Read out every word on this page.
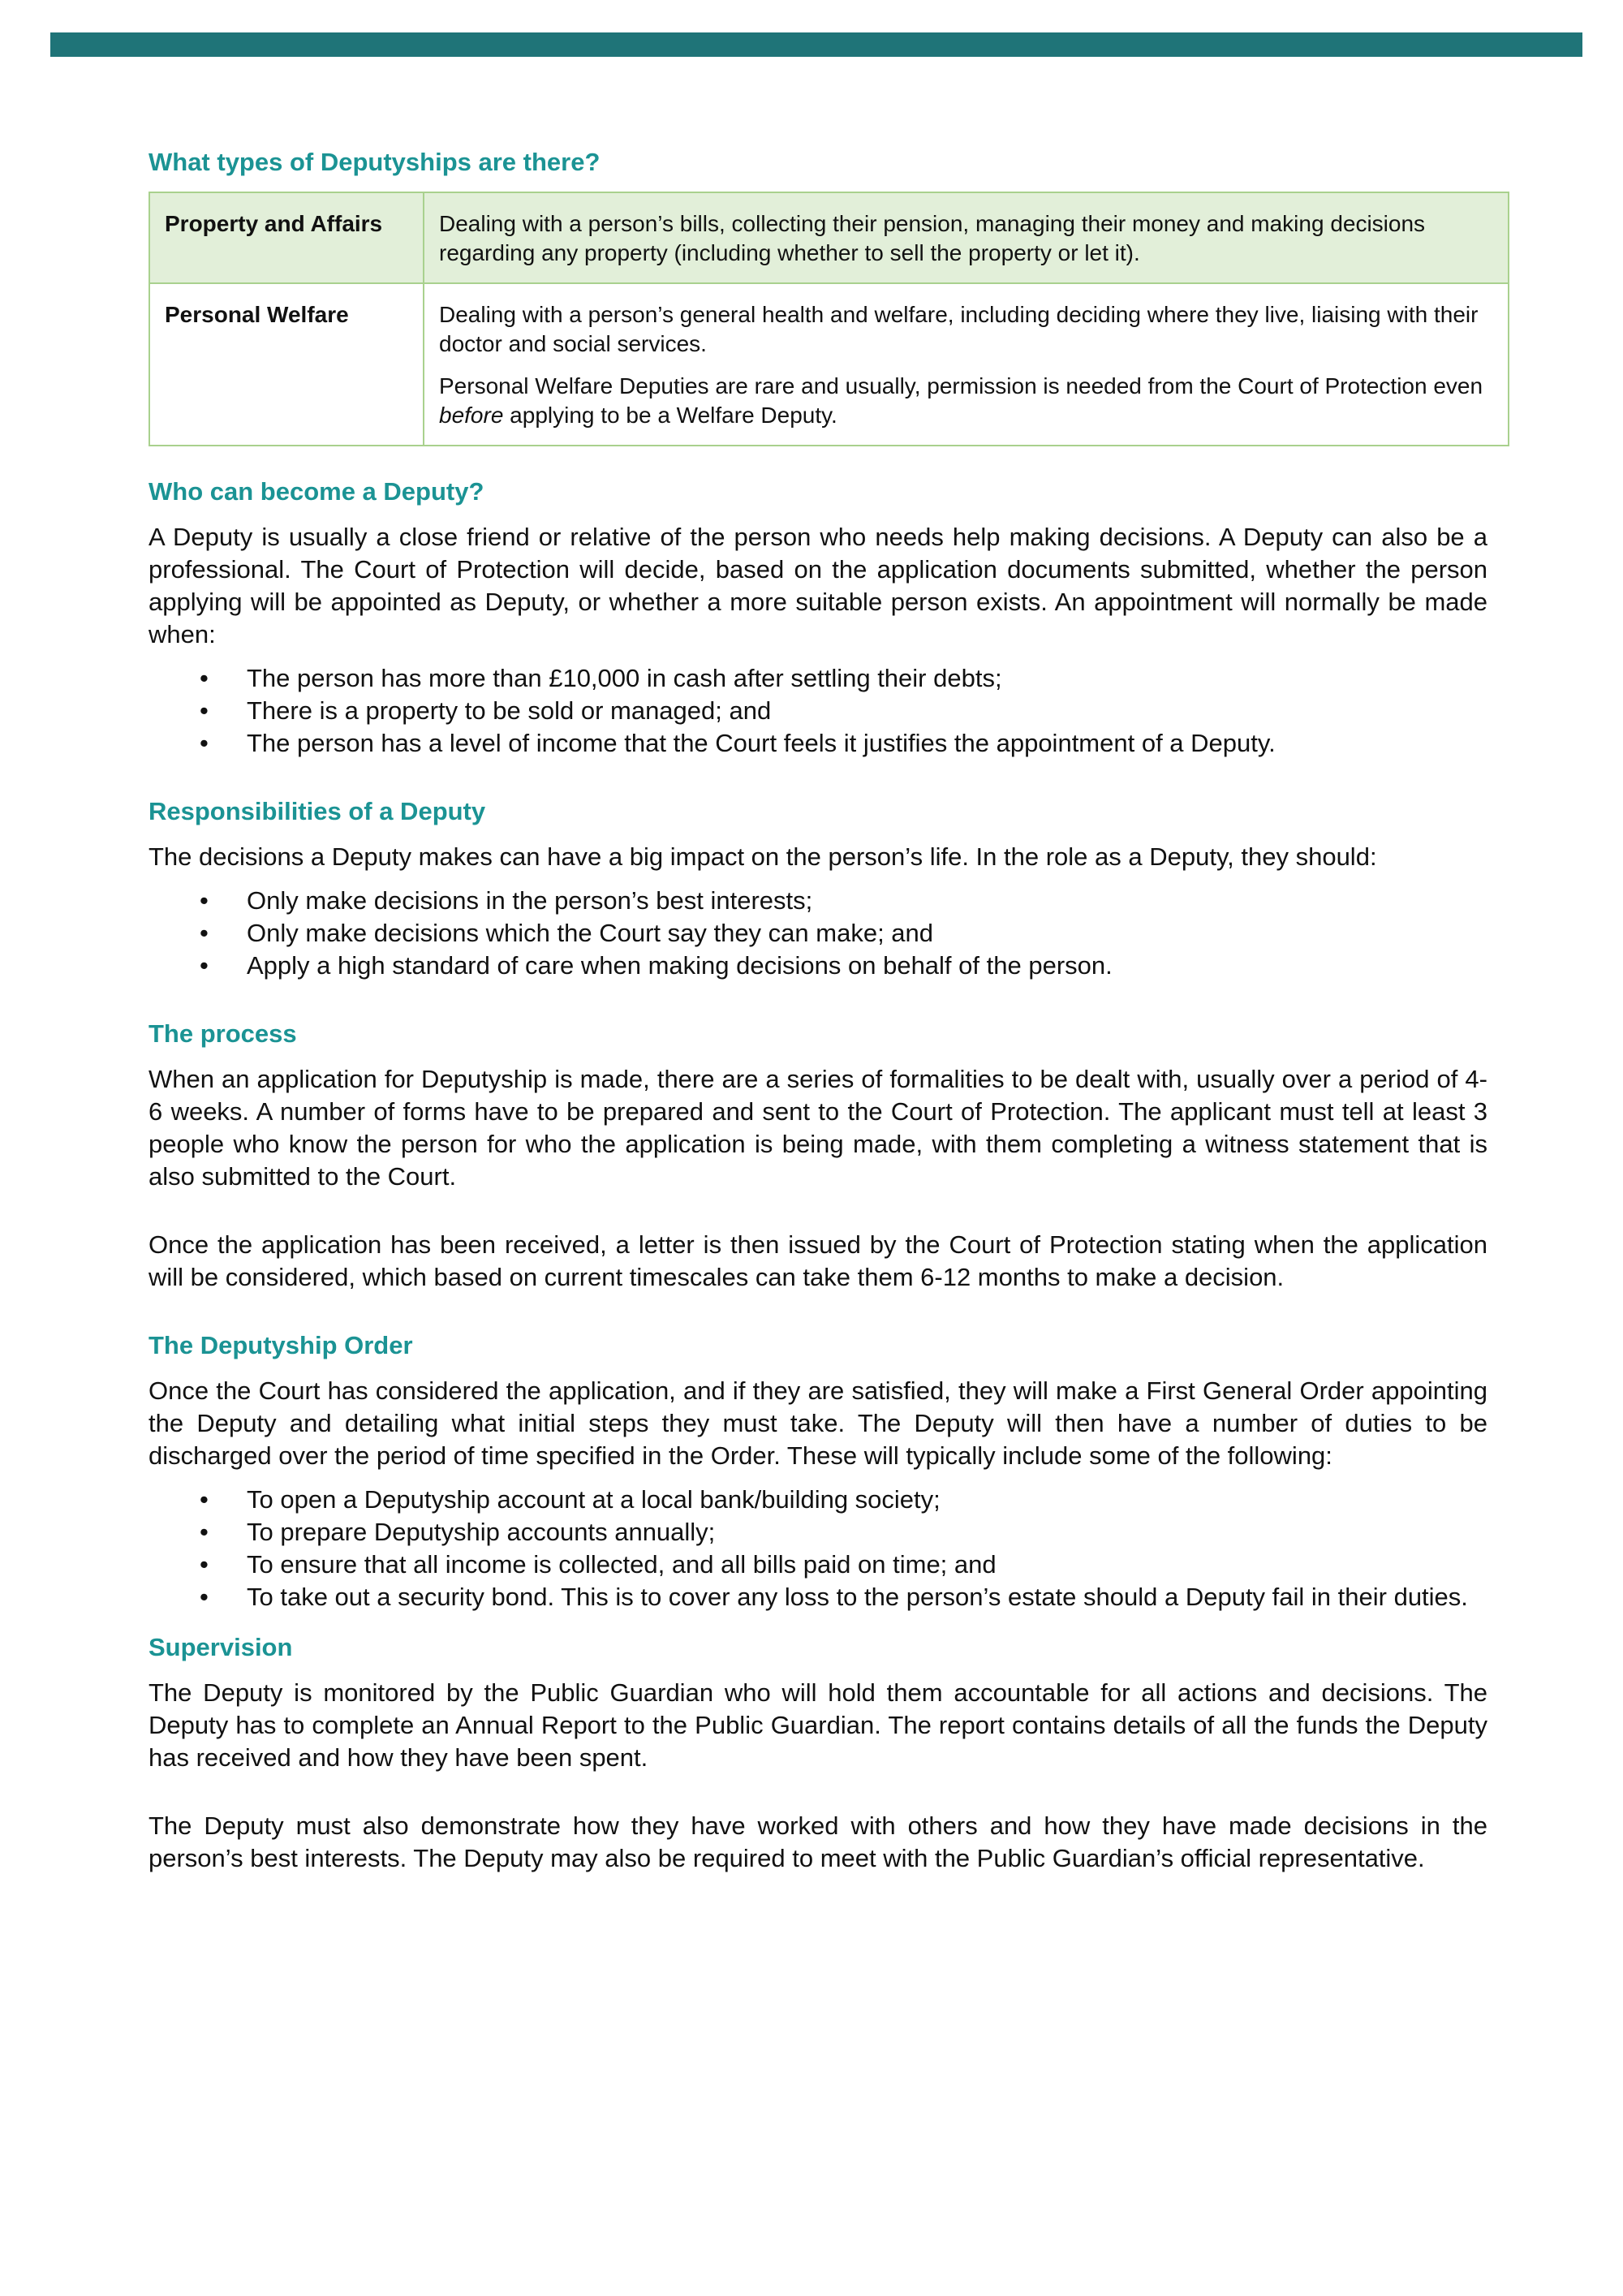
What types of Deputyships are there?
Property and Affairs	Dealing with a person’s bills, collecting their pension, managing their money and making decisions regarding any property (including whether to sell the property or let it).

Personal Welfare	Dealing with a person’s general health and welfare, including deciding where they live, liaising with their doctor and social services.

Personal Welfare Deputies are rare and usually, permission is needed from the Court of Protection even before applying to be a Welfare Deputy.

Who can become a Deputy?

A Deputy is usually a close friend or relative of the person who needs help making decisions. A Deputy can also be a professional. The Court of Protection will decide, based on the application documents submitted, whether the person applying will be appointed as Deputy, or whether a more suitable person exists. An appointment will normally be made when:

• The person has more than £10,000 in cash after settling their debts;
• There is a property to be sold or managed; and
• The person has a level of income that the Court feels it justifies the appointment of a Deputy.
Responsibilities of a Deputy

The decisions a Deputy makes can have a big impact on the person’s life. In the role as a Deputy, they should:

• Only make decisions in the person’s best interests;
• Only make decisions which the Court say they can make; and
• Apply a high standard of care when making decisions on behalf of the person.
The process

When an application for Deputyship is made, there are a series of formalities to be dealt with, usually over a period of 4-6 weeks. A number of forms have to be prepared and sent to the Court of Protection. The applicant must tell at least 3 people who know the person for who the application is being made, with them completing a witness statement that is also submitted to the Court.

Once the application has been received, a letter is then issued by the Court of Protection stating when the application will be considered, which based on current timescales can take them 6-12 months to make a decision.

The Deputyship Order

Once the Court has considered the application, and if they are satisfied, they will make a First General Order appointing the Deputy and detailing what initial steps they must take. The Deputy will then have a number of duties to be discharged over the period of time specified in the Order. These will typically include some of the following:

• To open a Deputyship account at a local bank/building society;
• To prepare Deputyship accounts annually;
• To ensure that all income is collected, and all bills paid on time; and
• To take out a security bond. This is to cover any loss to the person’s estate should a Deputy fail in their duties.
Supervision

The Deputy is monitored by the Public Guardian who will hold them accountable for all actions and decisions. The Deputy has to complete an Annual Report to the Public Guardian. The report contains details of all the funds the Deputy has received and how they have been spent.

The Deputy must also demonstrate how they have worked with others and how they have made decisions in the person’s best interests. The Deputy may also be required to meet with the Public Guardian’s official representative.
